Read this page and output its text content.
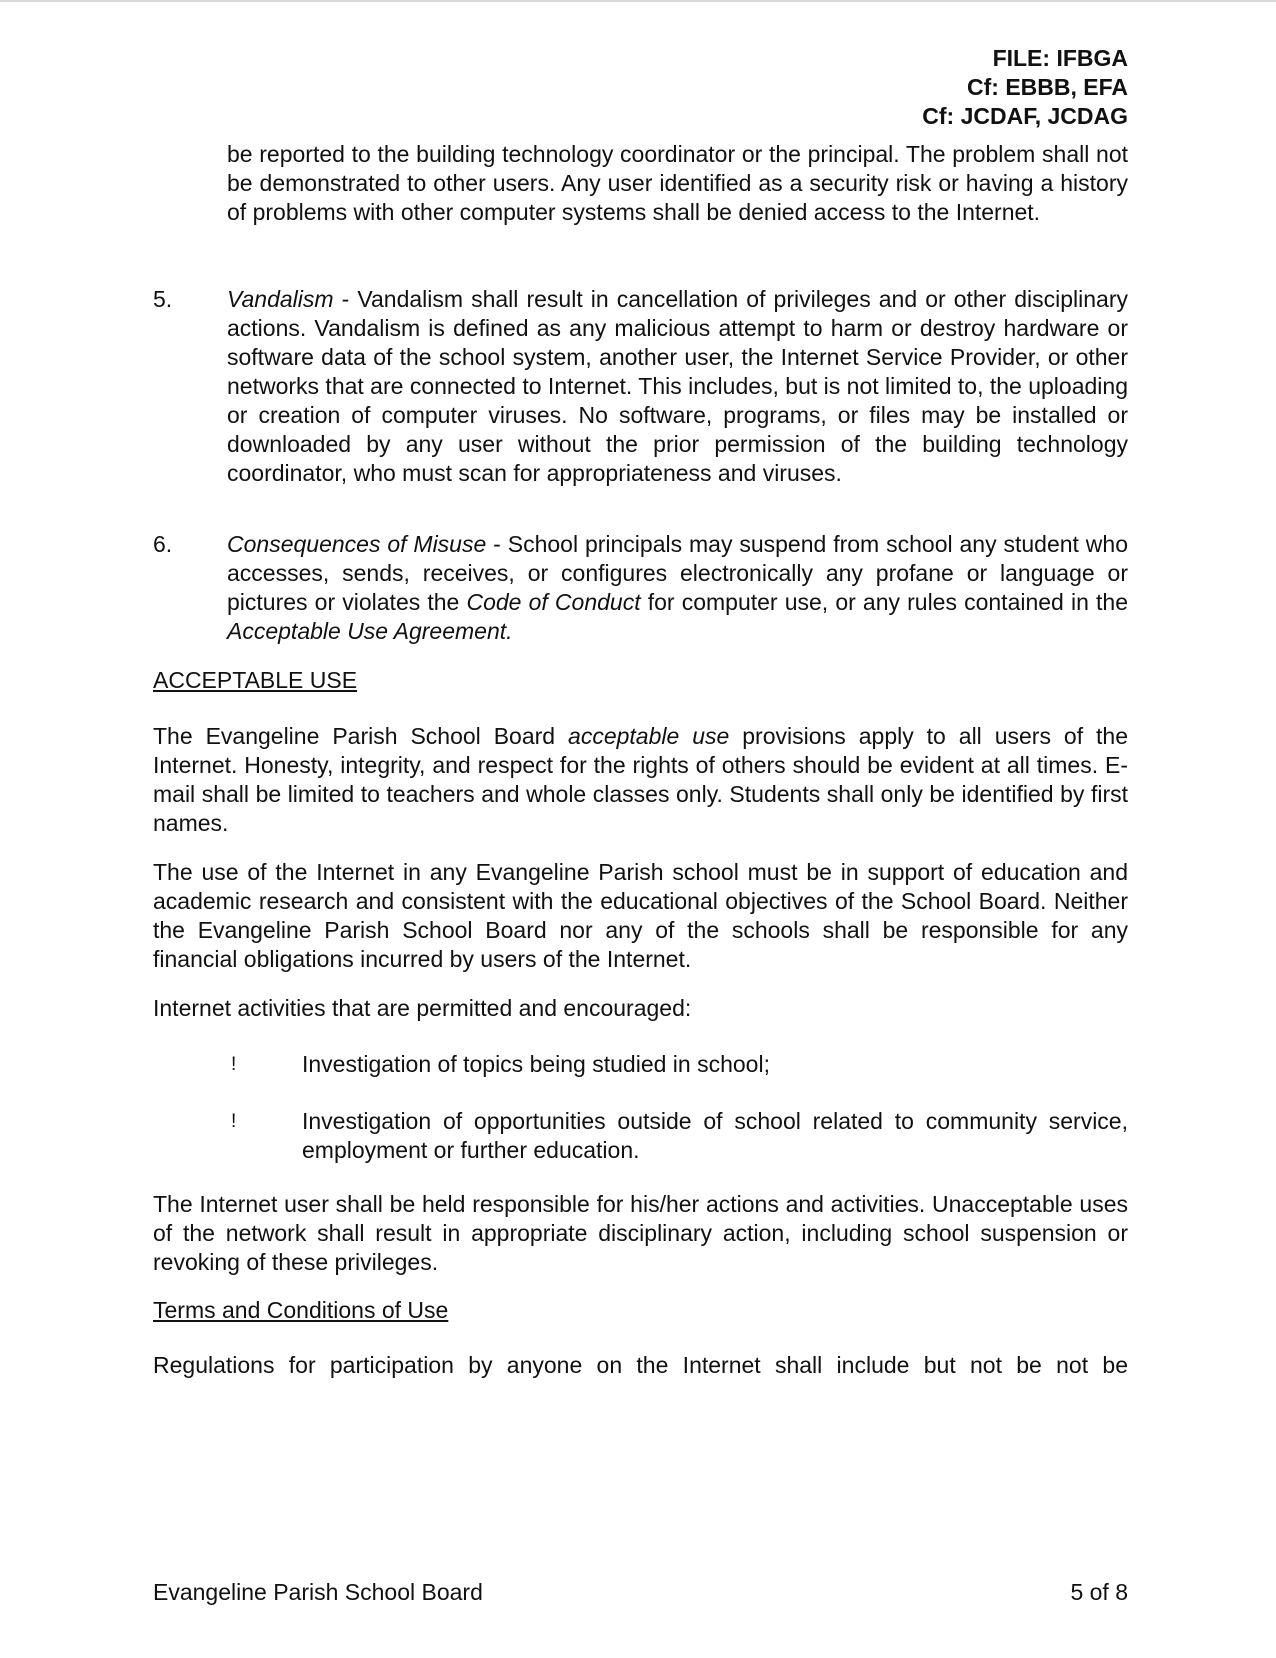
FILE: IFBGA
Cf: EBBB, EFA
Cf: JCDAF, JCDAG
be reported to the building technology coordinator or the principal. The problem shall not be demonstrated to other users. Any user identified as a security risk or having a history of problems with other computer systems shall be denied access to the Internet.
5. Vandalism - Vandalism shall result in cancellation of privileges and or other disciplinary actions. Vandalism is defined as any malicious attempt to harm or destroy hardware or software data of the school system, another user, the Internet Service Provider, or other networks that are connected to Internet. This includes, but is not limited to, the uploading or creation of computer viruses. No software, programs, or files may be installed or downloaded by any user without the prior permission of the building technology coordinator, who must scan for appropriateness and viruses.
6. Consequences of Misuse - School principals may suspend from school any student who accesses, sends, receives, or configures electronically any profane or language or pictures or violates the Code of Conduct for computer use, or any rules contained in the Acceptable Use Agreement.
ACCEPTABLE USE
The Evangeline Parish School Board acceptable use provisions apply to all users of the Internet. Honesty, integrity, and respect for the rights of others should be evident at all times. E-mail shall be limited to teachers and whole classes only. Students shall only be identified by first names.
The use of the Internet in any Evangeline Parish school must be in support of education and academic research and consistent with the educational objectives of the School Board. Neither the Evangeline Parish School Board nor any of the schools shall be responsible for any financial obligations incurred by users of the Internet.
Internet activities that are permitted and encouraged:
!	Investigation of topics being studied in school;
!	Investigation of opportunities outside of school related to community service, employment or further education.
The Internet user shall be held responsible for his/her actions and activities. Unacceptable uses of the network shall result in appropriate disciplinary action, including school suspension or revoking of these privileges.
Terms and Conditions of Use
Regulations for participation by anyone on the Internet shall include but not be not be
Evangeline Parish School Board	5 of 8
